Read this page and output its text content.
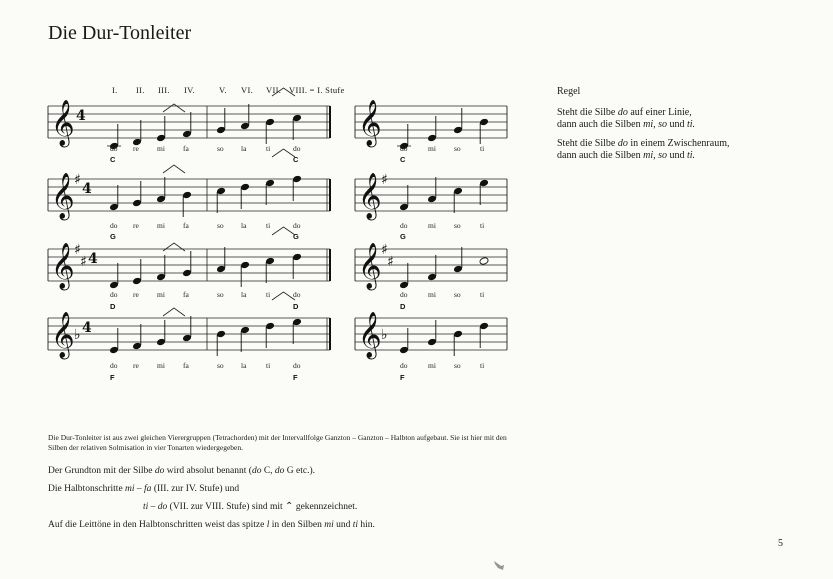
Die Dur-Tonleiter
I. II. III. IV.	V. VI. VII. VIII. = I. Stufe
𝄞 4
do re mi fa	so la	ti	do
C	C
𝄞
do	mi so	ti
C
𝄞 ♯
4
do re mi fa	so la	ti	do
G	G
𝄞 ♯
do	mi so	ti
G
𝄞 ♯
♯ 4
do re mi fa	so la	ti	do
D	D
𝄞 ♯
♯
do	mi so	ti
D
𝄞 ♭ 4
do re mi fa	so la	ti	do
F	F
𝄞 ♭
do	mi so	ti
F

Regel

Steht die Silbe do auf einer Linie,
dann auch die Silben mi, so und ti.

Steht die Silbe do in einem Zwischenraum,
dann auch die Silben mi, so und ti.

Die Dur-Tonleiter ist aus zwei gleichen Vierergruppen (Tetrachorden) mit der Intervallfolge Ganzton – Ganzton – Halbton aufgebaut. Sie ist hier mit den Silben der relativen Solmisation in vier Tonarten wiedergegeben.
Der Grundton mit der Silbe do wird absolut benannt (do C, do G etc.).
Die Halbtonschritte mi – fa (III. zur IV. Stufe) und
ti – do (VII. zur VIII. Stufe) sind mit ⌃ gekennzeichnet.
Auf die Leittöne in den Halbtonschritten weist das spitze l in den Silben mi und ti hin.
5
